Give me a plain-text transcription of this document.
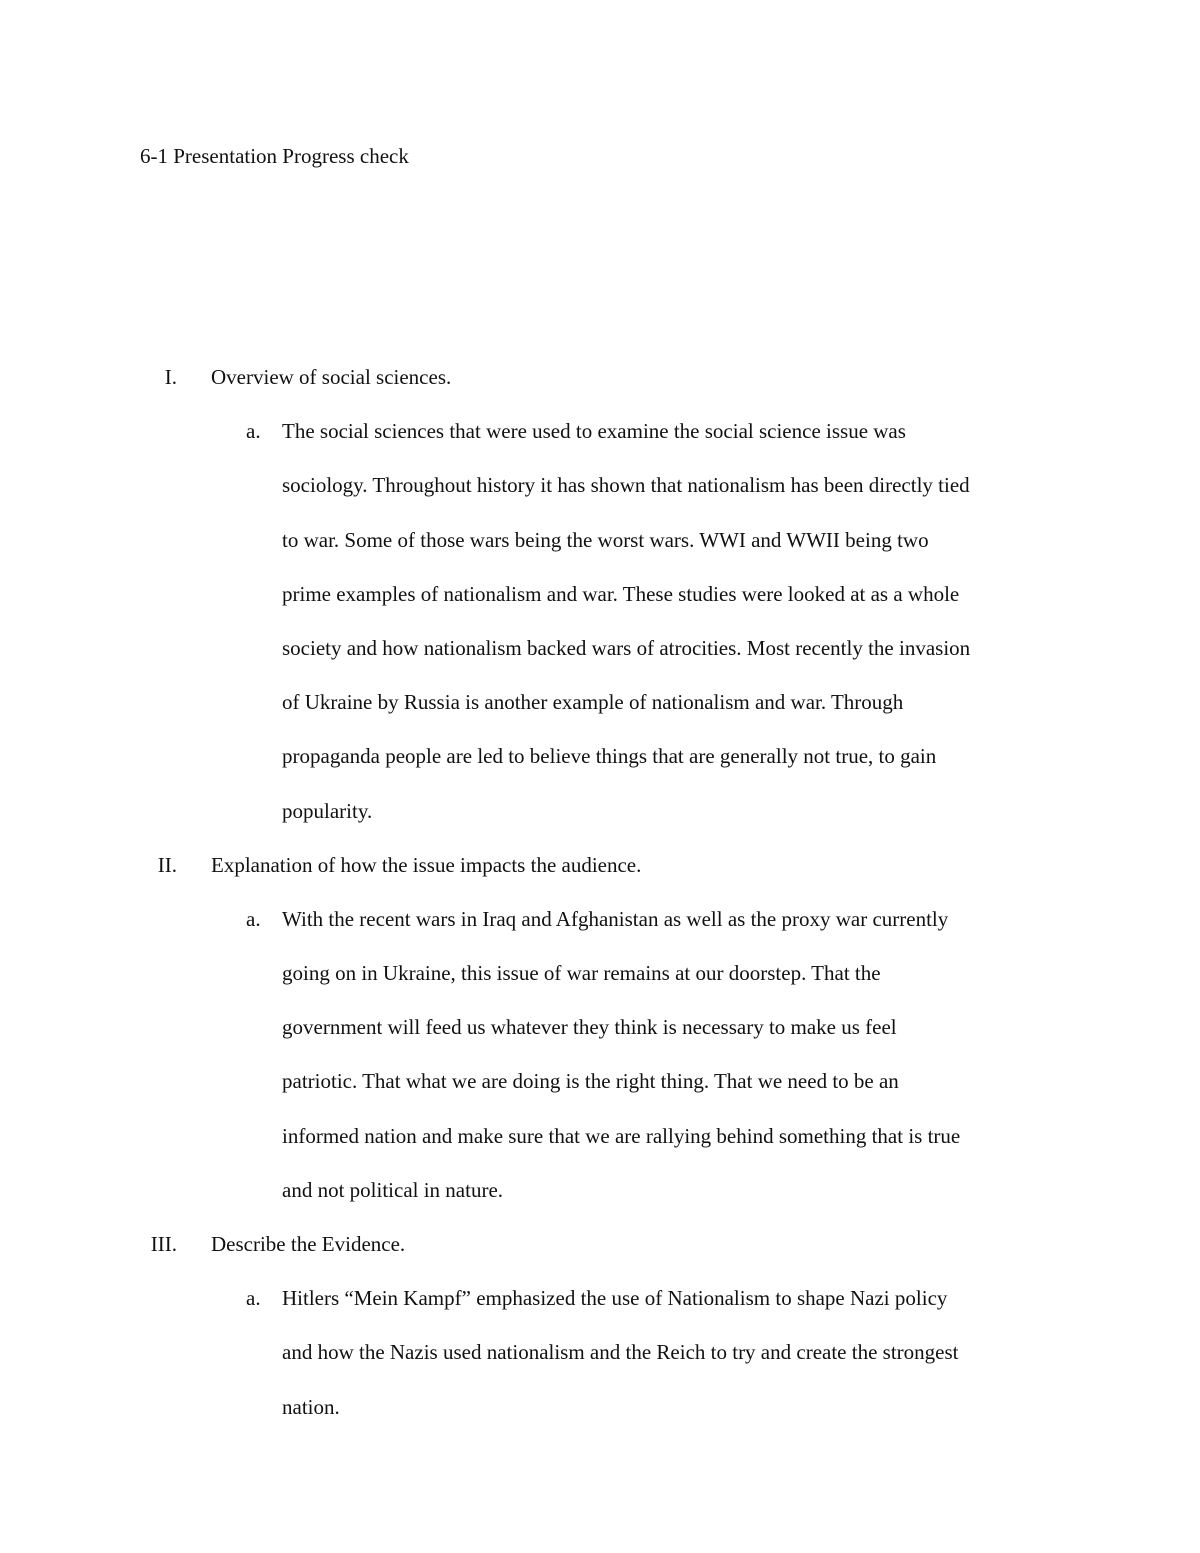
6-1 Presentation Progress check
I. Overview of social sciences.
a. The social sciences that were used to examine the social science issue was
sociology. Throughout history it has shown that nationalism has been directly tied
to war. Some of those wars being the worst wars. WWI and WWII being two
prime examples of nationalism and war. These studies were looked at as a whole
society and how nationalism backed wars of atrocities. Most recently the invasion
of Ukraine by Russia is another example of nationalism and war. Through
propaganda people are led to believe things that are generally not true, to gain
popularity.
II. Explanation of how the issue impacts the audience.
a. With the recent wars in Iraq and Afghanistan as well as the proxy war currently
going on in Ukraine, this issue of war remains at our doorstep. That the
government will feed us whatever they think is necessary to make us feel
patriotic. That what we are doing is the right thing. That we need to be an
informed nation and make sure that we are rallying behind something that is true
and not political in nature.
III. Describe the Evidence.
a. Hitlers “Mein Kampf” emphasized the use of Nationalism to shape Nazi policy
and how the Nazis used nationalism and the Reich to try and create the strongest
nation.
